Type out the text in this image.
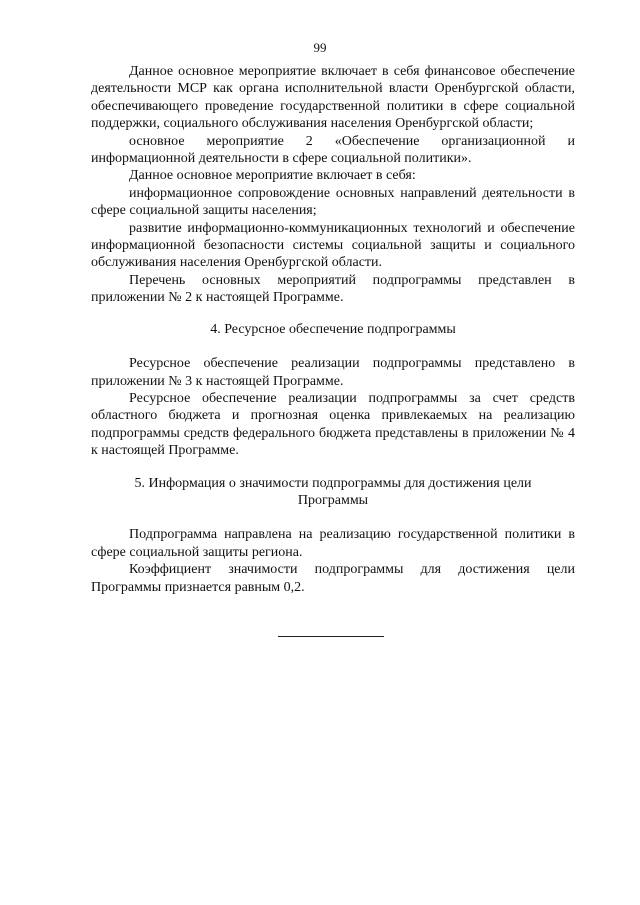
99

Данное основное мероприятие включает в себя финансовое обеспечение деятельности МСР как органа исполнительной власти Оренбургской области, обеспечивающего проведение государственной политики в сфере социальной поддержки, социального обслуживания населения Оренбургской области;

основное мероприятие 2 «Обеспечение организационной и информационной деятельности в сфере социальной политики».

Данное основное мероприятие включает в себя:

информационное сопровождение основных направлений деятельности в сфере социальной защиты населения;

развитие информационно-коммуникационных технологий и обеспечение информационной безопасности системы социальной защиты и социального обслуживания населения Оренбургской области.

Перечень основных мероприятий подпрограммы представлен в приложении № 2 к настоящей Программе.

4. Ресурсное обеспечение подпрограммы

Ресурсное обеспечение реализации подпрограммы представлено в приложении № 3 к настоящей Программе.

Ресурсное обеспечение реализации подпрограммы за счет средств областного бюджета и прогнозная оценка привлекаемых на реализацию подпрограммы средств федерального бюджета представлены в приложении № 4 к настоящей Программе.

5. Информация о значимости подпрограммы для достижения цели Программы

Подпрограмма направлена на реализацию государственной политики в сфере социальной защиты региона.

Коэффициент значимости подпрограммы для достижения цели Программы признается равным 0,2.
